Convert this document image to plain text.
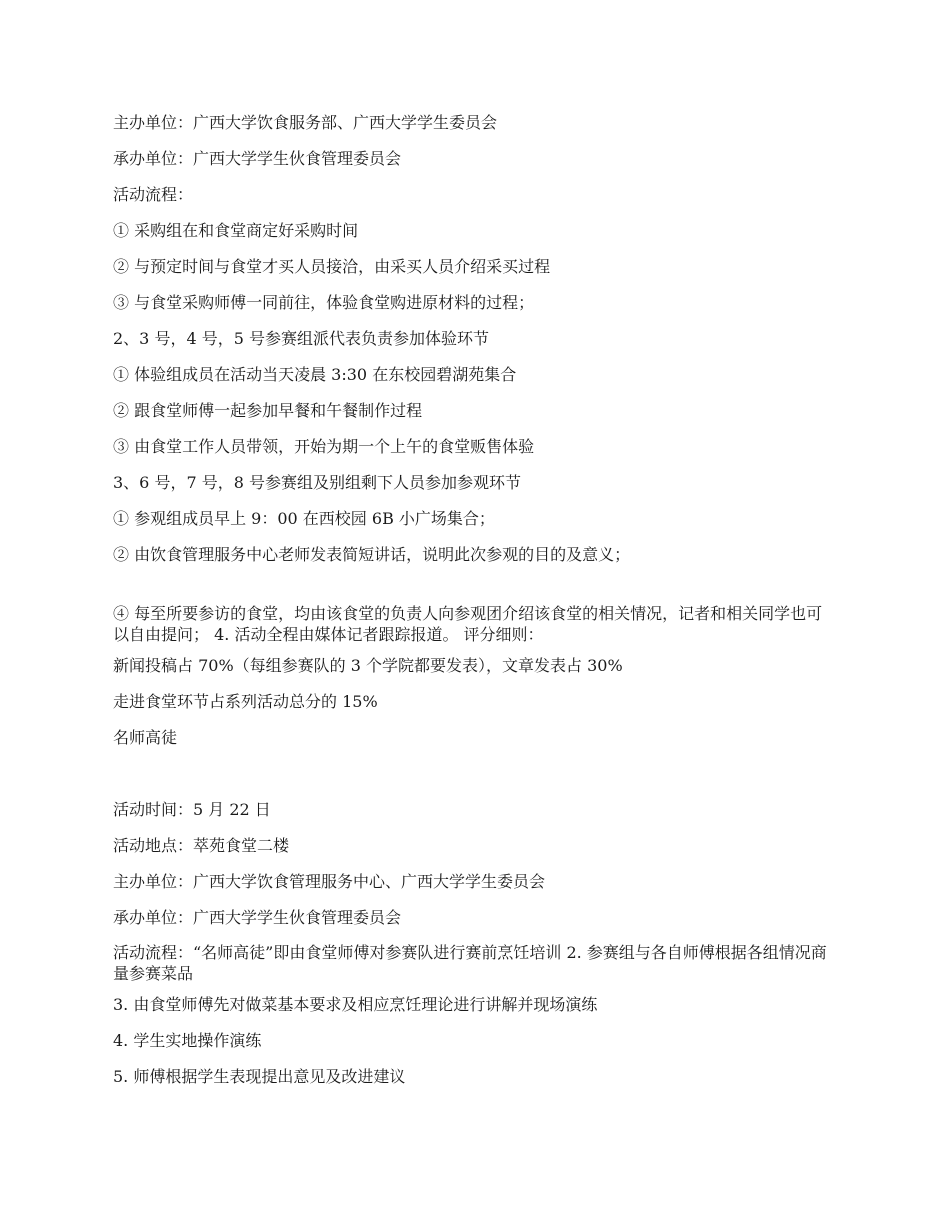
主办单位：广西大学饮食服务部、广西大学学生委员会

承办单位：广西大学学生伙食管理委员会

活动流程：

① 采购组在和食堂商定好采购时间

② 与预定时间与食堂才买人员接洽，由采买人员介绍采买过程

③ 与食堂采购师傅一同前往，体验食堂购进原材料的过程；

2、3 号，4 号，5 号参赛组派代表负责参加体验环节

① 体验组成员在活动当天凌晨 3:30 在东校园碧湖苑集合

② 跟食堂师傅一起参加早餐和午餐制作过程

③ 由食堂工作人员带领，开始为期一个上午的食堂贩售体验

3、6 号，7 号，8 号参赛组及别组剩下人员参加参观环节

① 参观组成员早上 9：00 在西校园 6B 小广场集合；

② 由饮食管理服务中心老师发表简短讲话，说明此次参观的目的及意义；

④ 每至所要参访的食堂，均由该食堂的负责人向参观团介绍该食堂的相关情况，记者和相关同学也可以自由提问； 4. 活动全程由媒体记者跟踪报道。 评分细则：

新闻投稿占 70%（每组参赛队的 3 个学院都要发表），文章发表占 30%

走进食堂环节占系列活动总分的 15%

名师高徒

活动时间：5 月 22 日

活动地点：萃苑食堂二楼

主办单位：广西大学饮食管理服务中心、广西大学学生委员会

承办单位：广西大学学生伙食管理委员会

活动流程：“名师高徒”即由食堂师傅对参赛队进行赛前烹饪培训 2. 参赛组与各自师傅根据各组情况商量参赛菜品

3. 由食堂师傅先对做菜基本要求及相应烹饪理论进行讲解并现场演练

4. 学生实地操作演练

5. 师傅根据学生表现提出意见及改进建议
